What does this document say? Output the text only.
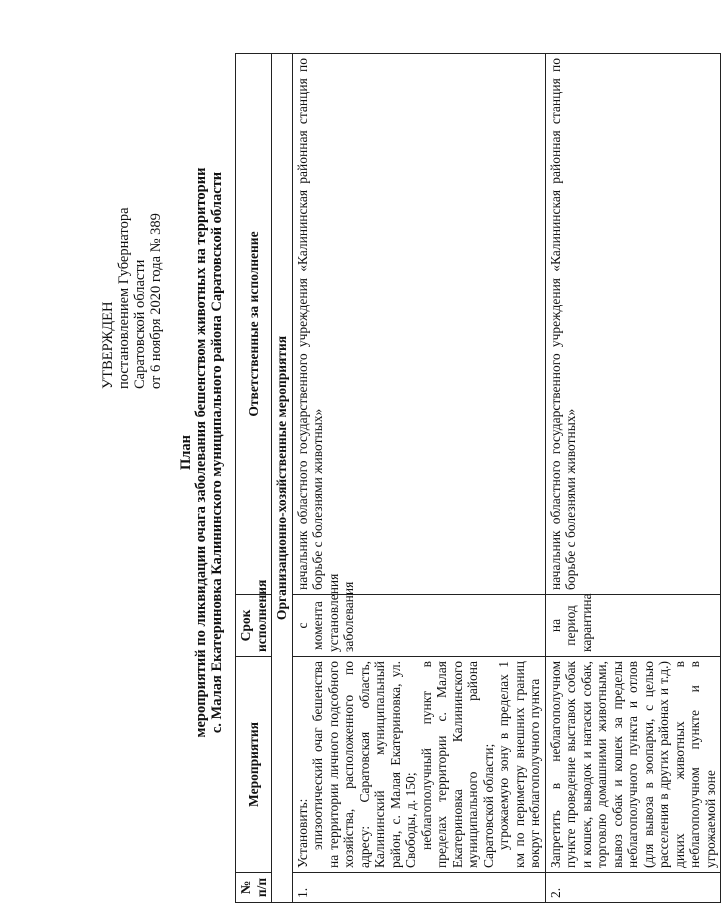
УТВЕРЖДЕН постановлением Губернатора Саратовской области от 6 ноября 2020 года № 389
План мероприятий по ликвидации очага заболевания бешенством животных на территории с. Малая Екатериновка Калининского муниципального района Саратовской области
№ п/п	Мероприятия	Срок исполнения	Ответственные за исполнение
Организационно-хозяйственные мероприятия			
1.	Установить: эпизоотический очаг бешенства на территории личного подсобного хозяйства, расположенного по адресу: Саратовская область, Калининский муниципальный район, с. Малая Екатериновка, ул. Свободы, д. 150; неблагополучный пункт в пределах территории с. Малая Екатериновка Калининского муниципального района Саратовской области; угрожаемую зону в пределах 1 км по периметру внешних границ вокруг неблагополучного пункта	с момента установления заболевания	начальник областного государственного учреждения «Калининская районная станция по борьбе с болезнями животных»
2.	Запретить в неблагополучном пункте проведение выставок собак и кошек, выводок и натаски собак, торговлю домашними животными, вывоз собак и кошек за пределы неблагополучного пункта и отлов (для вывоза в зоопарки, с целью расселения в других районах и т.д.) диких животных в неблагополучном пункте и в угрожаемой зоне	на период карантина	начальник областного государственного учреждения «Калининская районная станция по борьбе с болезнями животных»
